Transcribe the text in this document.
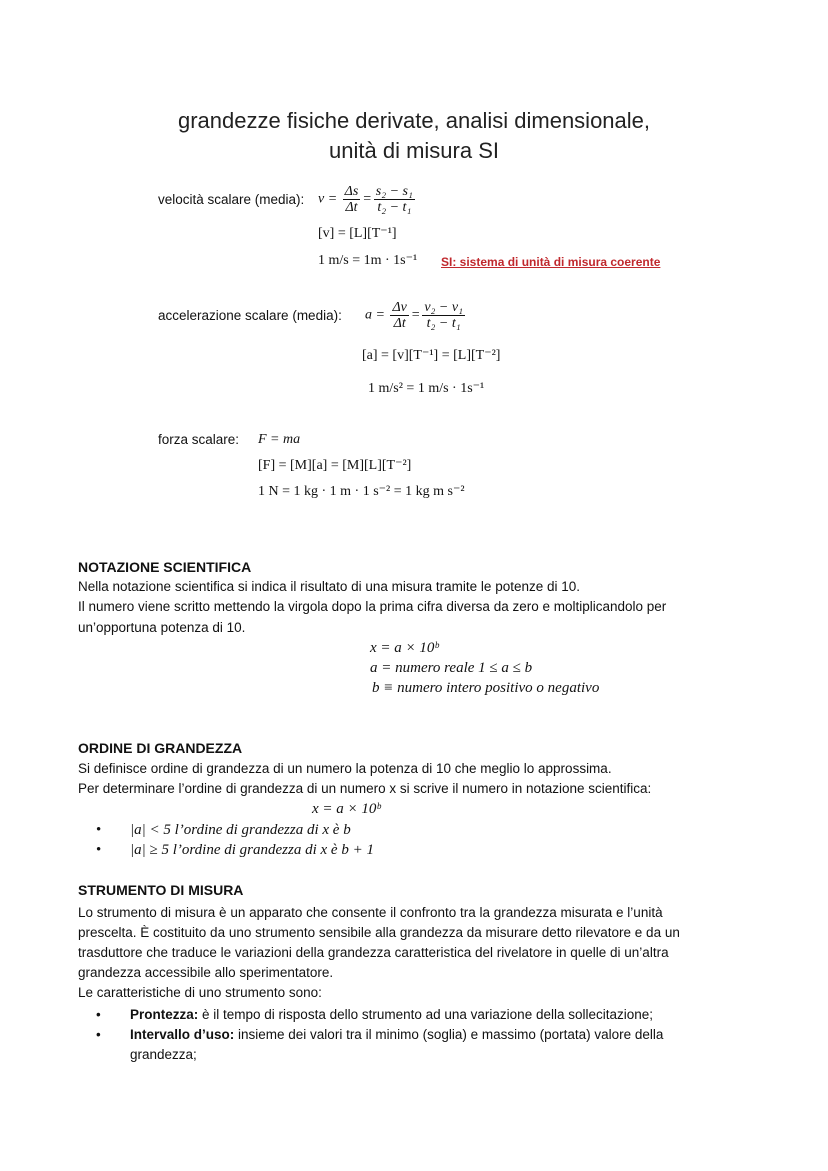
grandezze fisiche derivate, analisi dimensionale,
unità di misura SI
velocità scalare (media): $v = \frac{\Delta s}{\Delta t} = \frac{\text{s₂ − s₁}}{\text{t₂ − t₁}}$
[v] = [L][T⁻¹]
1 m/s = 1m · 1s⁻¹ SI: sistema di unità di misura coerente
accelerazione scalare (media): $a = \frac{\Delta v}{\Delta t} = \frac{\text{v₂ − v₁}}{\text{t₂ − t₁}}$
[a] = [v][T⁻¹] = [L][T⁻²]
1 m/s² = 1 m/s · 1s⁻¹
forza scalare: F = ma
[F] = [M][a] = [M][L][T⁻²]
1 N = 1 kg · 1 m · 1 s⁻² = 1 kg m s⁻²
NOTAZIONE SCIENTIFICA
Nella notazione scientifica si indica il risultato di una misura tramite le potenze di 10.
Il numero viene scritto mettendo la virgola dopo la prima cifra diversa da zero e moltiplicandolo per
un’opportuna potenza di 10.
x = a × 10ᵇ
a = numero reale 1 ≤ a ≤ b
b ≡ numero intero positivo o negativo
ORDINE DI GRANDEZZA
Si definisce ordine di grandezza di un numero la potenza di 10 che meglio lo approssima.
Per determinare l’ordine di grandezza di un numero x si scrive il numero in notazione scientifica:
x = a × 10ᵇ
• |a| < 5 l’ordine di grandezza di x è b
• |a| ≥ 5 l’ordine di grandezza di x è b + 1
STRUMENTO DI MISURA
Lo strumento di misura è un apparato che consente il confronto tra la grandezza misurata e l’unità
prescelta. È costituito da uno strumento sensibile alla grandezza da misurare detto rilevatore e da un
trasduttore che traduce le variazioni della grandezza caratteristica del rivelatore in quelle di un’altra
grandezza accessibile allo sperimentatore.
Le caratteristiche di uno strumento sono:
• Prontezza: è il tempo di risposta dello strumento ad una variazione della sollecitazione;
• Intervallo d’uso: insieme dei valori tra il minimo (soglia) e massimo (portata) valore della
grandezza;
